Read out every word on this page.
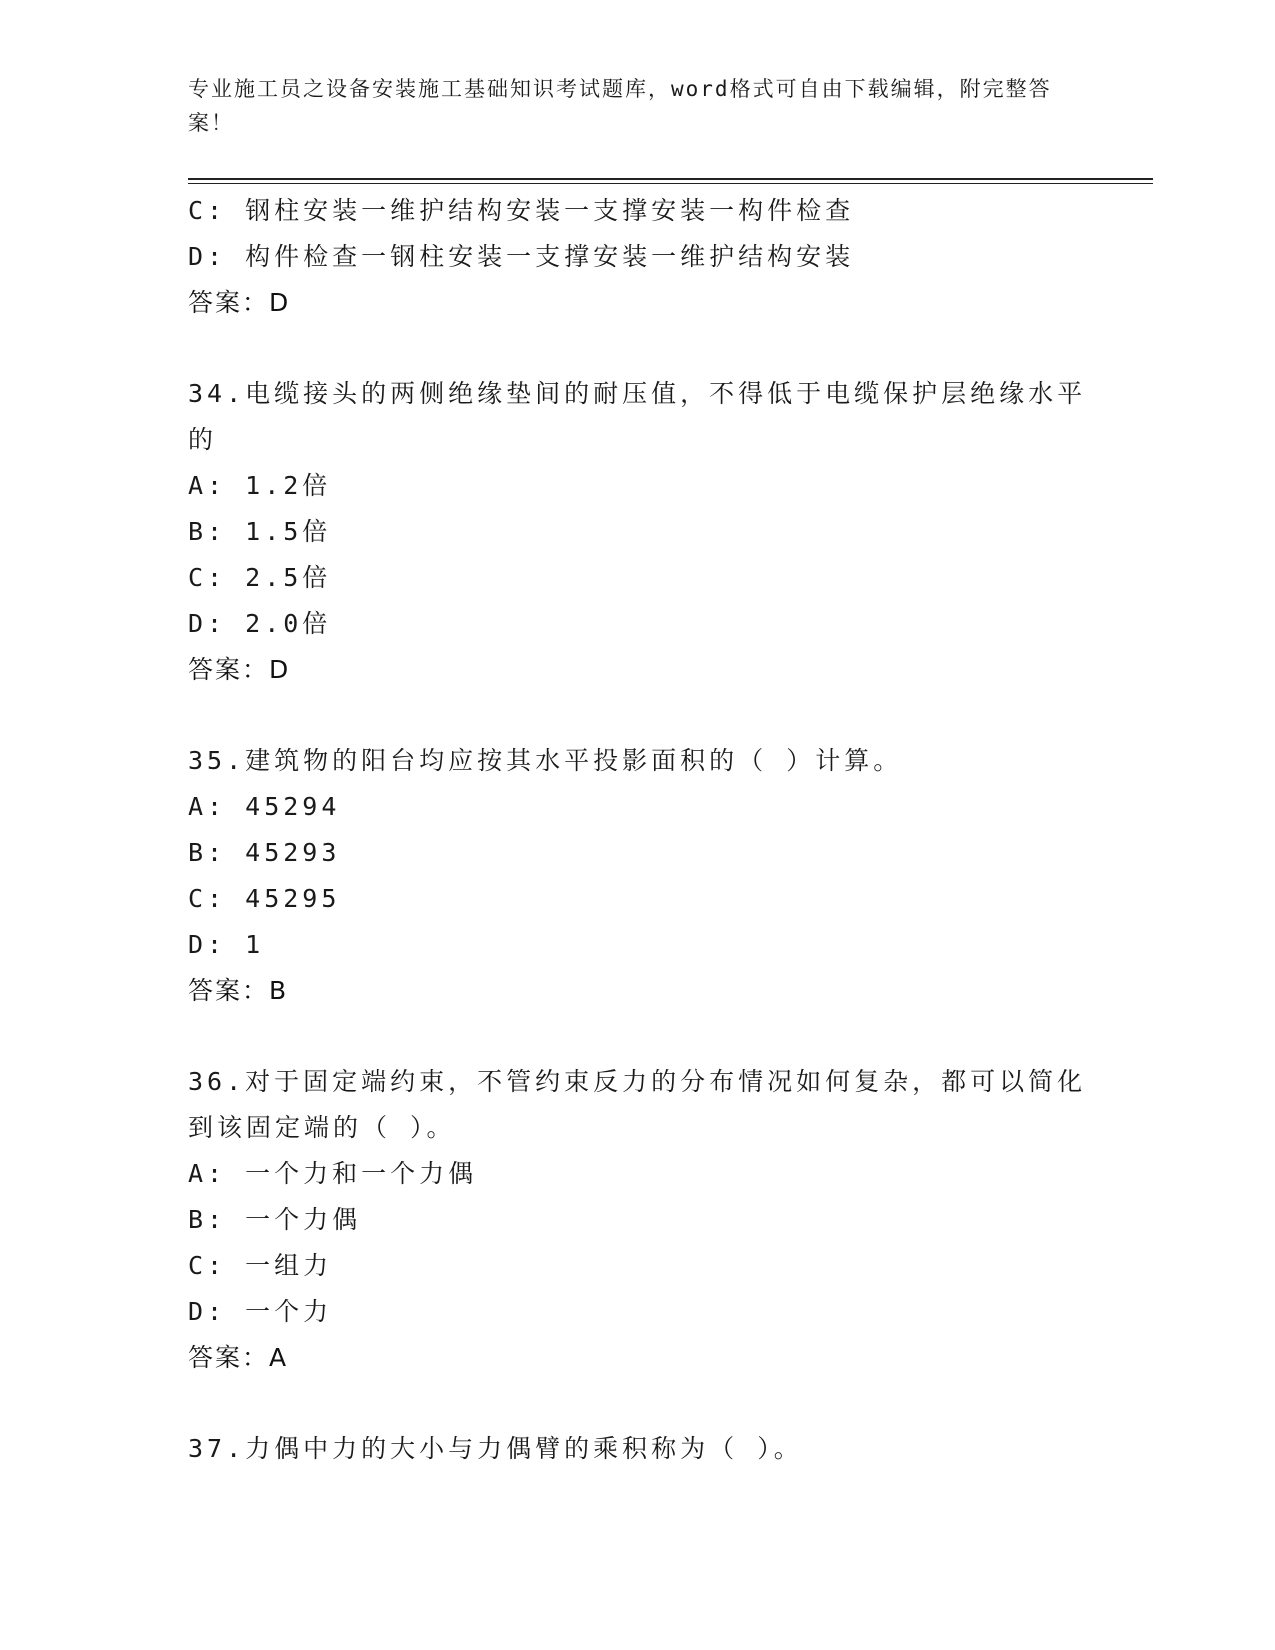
专业施工员之设备安装施工基础知识考试题库，word格式可自由下载编辑，附完整答案！
C: 钢柱安装一维护结构安装一支撑安装一构件检查
D: 构件检查一钢柱安装一支撑安装一维护结构安装
答案：D
34.电缆接头的两侧绝缘垫间的耐压值，不得低于电缆保护层绝缘水平的
A: 1.2倍
B: 1.5倍
C: 2.5倍
D: 2.0倍
答案：D
35.建筑物的阳台均应按其水平投影面积的（ ）计算。
A: 45294
B: 45293
C: 45295
D: 1
答案：B
36.对于固定端约束，不管约束反力的分布情况如何复杂，都可以简化到该固定端的（ ）。
A: 一个力和一个力偶
B: 一个力偶
C: 一组力
D: 一个力
答案：A
37.力偶中力的大小与力偶臂的乘积称为（ ）。
